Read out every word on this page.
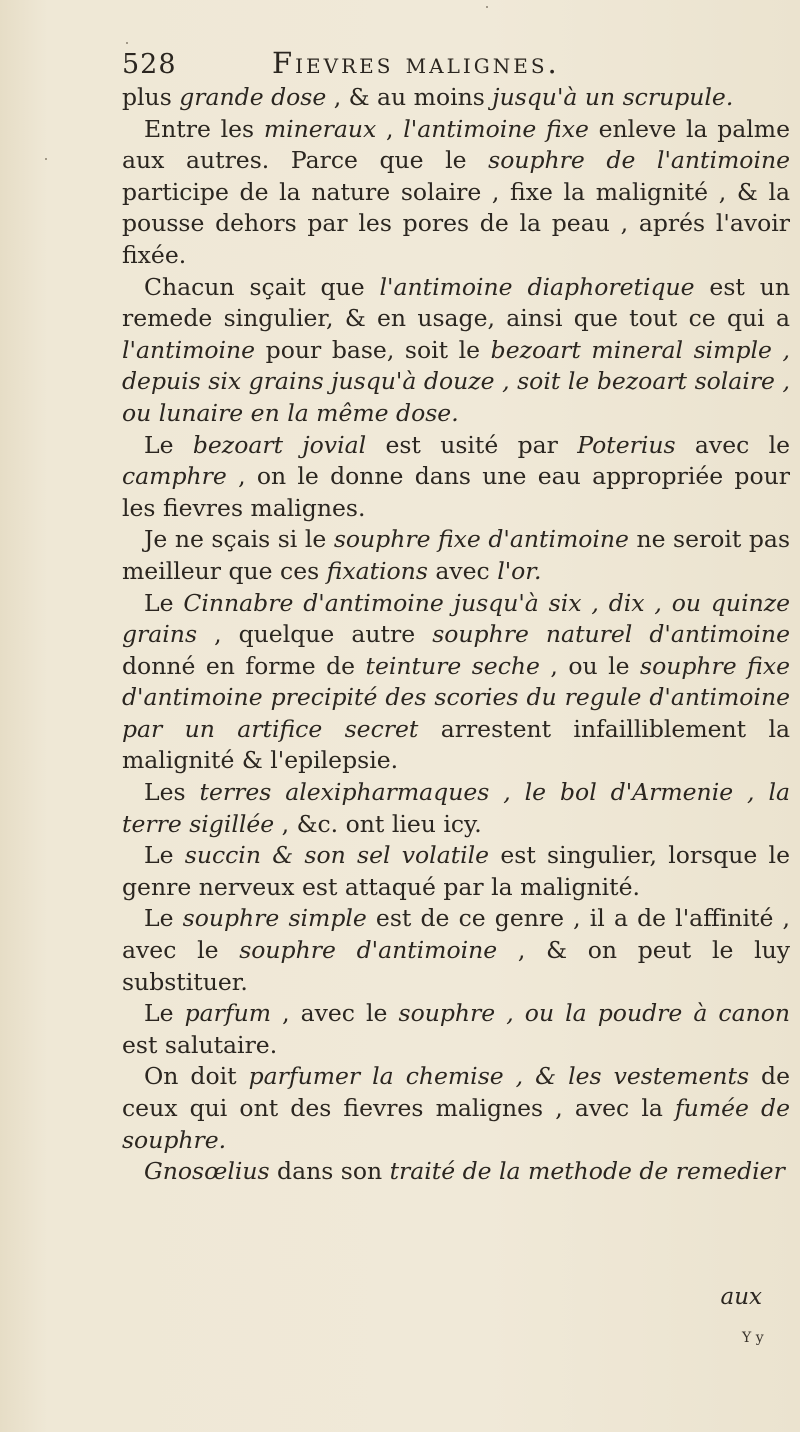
528	Fievres malignes.

plus grande dose , & au moins jusqu'à un scrupule.

Entre les mineraux , l'antimoine fixe enleve la palme aux autres. Parce que le souphre de l'antimoine participe de la nature solaire , fixe la malignité , & la pousse dehors par les pores de la peau , aprés l'avoir fixée.

Chacun sçait que l'antimoine diaphoretique est un remede singulier, & en usage, ainsi que tout ce qui a l'antimoine pour base, soit le bezoart mineral simple , depuis six grains jusqu'à douze , soit le bezoart solaire , ou lunaire en la même dose.

Le bezoart jovial est usité par Poterius avec le camphre , on le donne dans une eau appropriée pour les fievres malignes.

Je ne sçais si le souphre fixe d'antimoine ne seroit pas meilleur que ces fixations avec l'or.

Le Cinnabre d'antimoine jusqu'à six , dix , ou quinze grains , quelque autre souphre naturel d'antimoine donné en forme de teinture seche , ou le souphre fixe d'antimoine precipité des scories du regule d'antimoine par un artifice secret arrestent infailliblement la malignité & l'epilepsie.

Les terres alexipharmaques , le bol d'Armenie , la terre sigillée , &c. ont lieu icy.

Le succin & son sel volatile est singulier, lorsque le genre nerveux est attaqué par la malignité.

Le souphre simple est de ce genre , il a de l'affinité , avec le souphre d'antimoine , & on peut le luy substituer.

Le parfum , avec le souphre , ou la poudre à canon est salutaire.

On doit parfumer la chemise , & les vestements de ceux qui ont des fievres malignes , avec la fumée de souphre.

Gnosœlius dans son traité de la methode de remedier

aux
Y y
